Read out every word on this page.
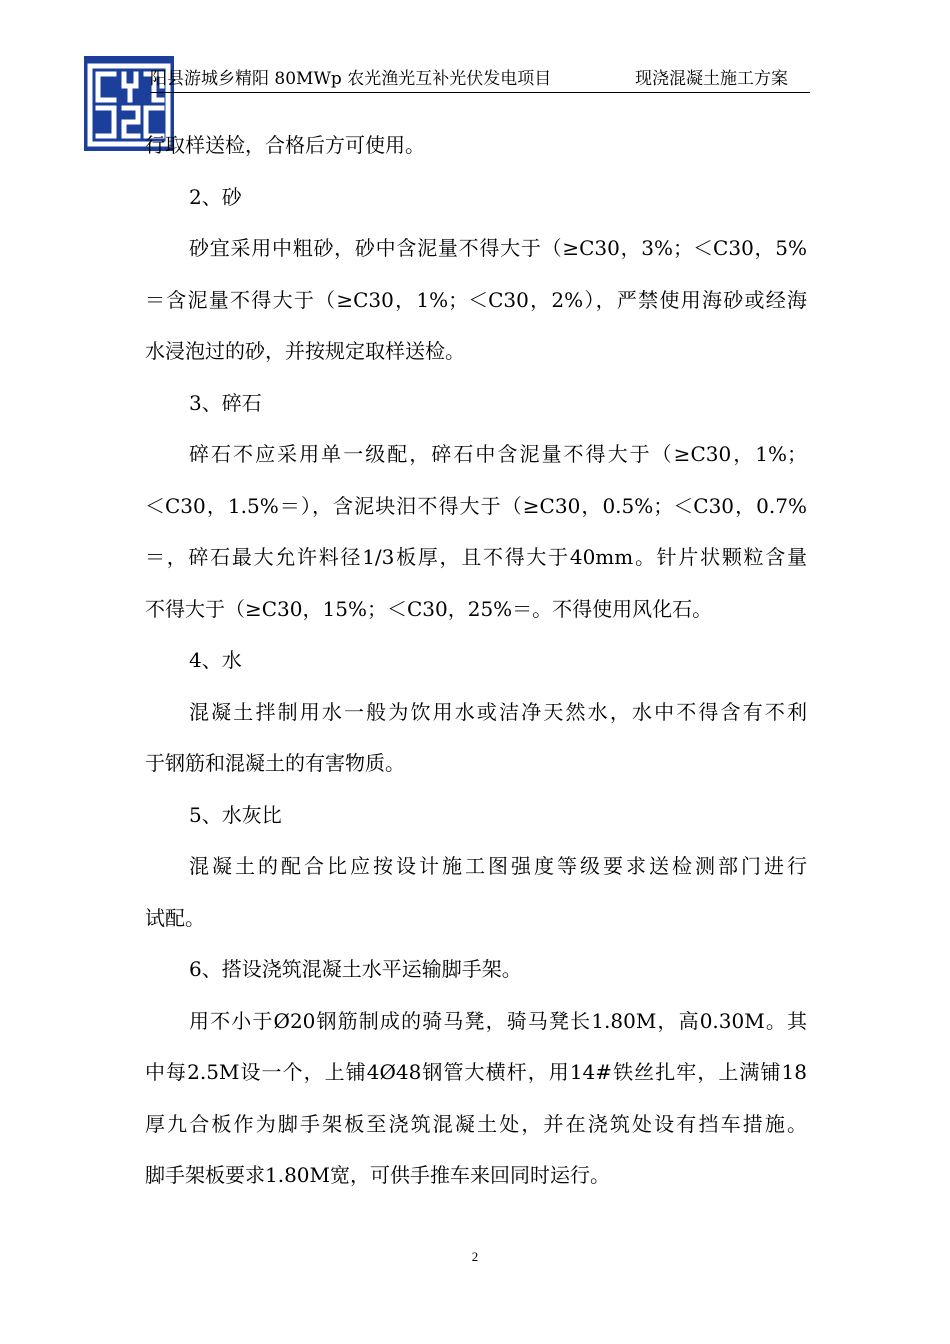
阳县游城乡精阳 80MWp 农光渔光互补光伏发电项目	现浇混凝土施工方案
行取样送检，合格后方可使用。
2、砂
砂宜采用中粗砂，砂中含泥量不得大于（≥C30，3%；＜C30，5%
＝含泥量不得大于（≥C30，1%；＜C30，2%），严禁使用海砂或经海
水浸泡过的砂，并按规定取样送检。
3、碎石
碎石不应采用单一级配，碎石中含泥量不得大于（≥C30，1%；
＜C30，1.5%＝），含泥块汨不得大于（≥C30，0.5%；＜C30，0.7%
＝，碎石最大允许料径1/3板厚，且不得大于40mm。针片状颗粒含量
不得大于（≥C30，15%；＜C30，25%＝。不得使用风化石。
4、水
混凝土拌制用水一般为饮用水或洁净天然水，水中不得含有不利
于钢筋和混凝土的有害物质。
5、水灰比
混凝土的配合比应按设计施工图强度等级要求送检测部门进行
试配。
6、搭设浇筑混凝土水平运输脚手架。
用不小于Ø20钢筋制成的骑马凳，骑马凳长1.80M，高0.30M。其
中每2.5M设一个，上铺4Ø48钢管大横杆，用14#铁丝扎牢，上满铺18
厚九合板作为脚手架板至浇筑混凝土处，并在浇筑处设有挡车措施。
脚手架板要求1.80M宽，可供手推车来回同时运行。
2
